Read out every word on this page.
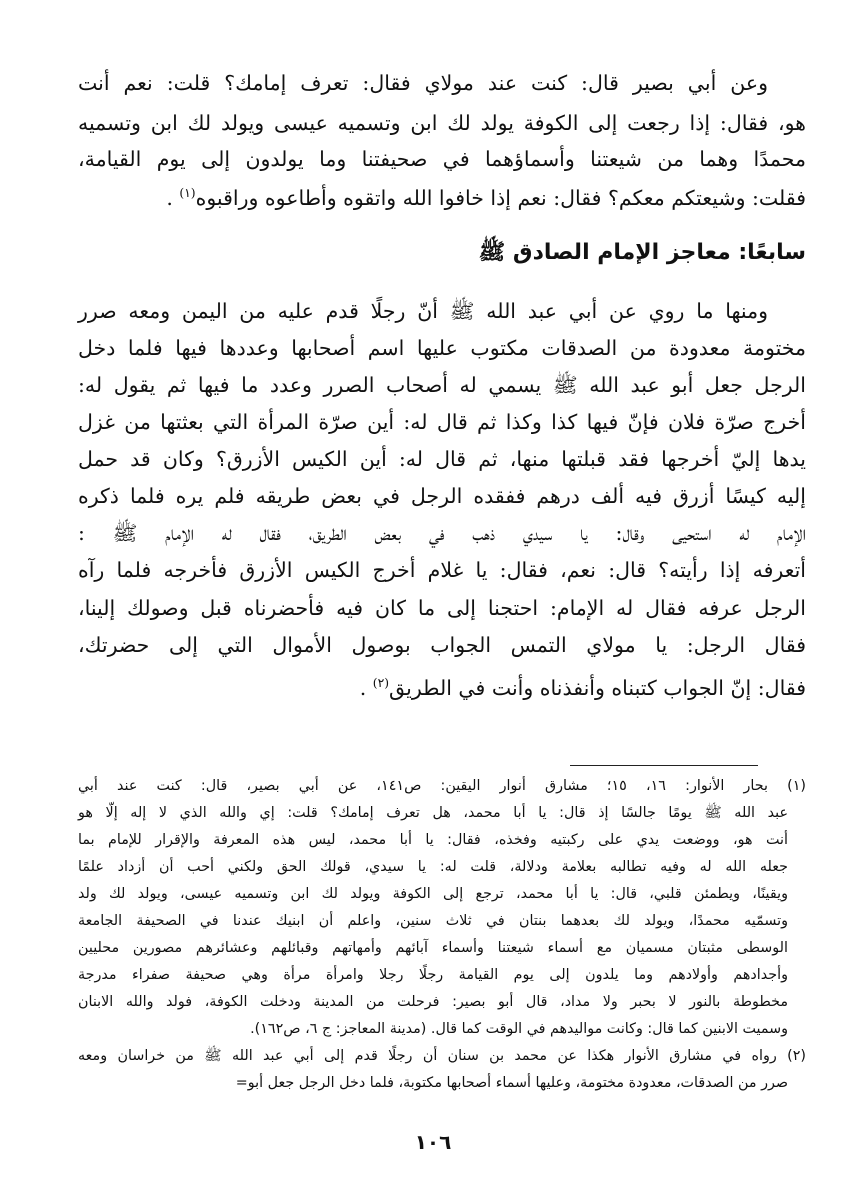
وعن أبي بصير قال: كنت عند مولاي فقال: تعرف إمامك؟ قلت: نعم أنت
هو، فقال: إذا رجعت إلى الكوفة يولد لك ابن وتسميه عيسى ويولد لك ابن وتسميه
محمدًا وهما من شيعتنا وأسماؤهما في صحيفتنا وما يولدون إلى يوم القيامة،
فقلت: وشيعتكم معكم؟ فقال: نعم إذا خافوا الله واتقوه وأطاعوه وراقبوه$^{(١)}$ .
سابعًا: معاجز الإمام الصادق ﷺ
ومنها ما روي عن أبي عبد الله ﷺ أنّ رجلًا قدم عليه من اليمن ومعه صرر
مختومة معدودة من الصدقات مكتوب عليها اسم أصحابها وعددها فيها فلما دخل
الرجل جعل أبو عبد الله ﷺ يسمي له أصحاب الصرر وعدد ما فيها ثم يقول له:
أخرج صرّة فلان فإنّ فيها كذا وكذا ثم قال له: أين صرّة المرأة التي بعثتها من غزل
يدها إليّ أخرجها فقد قبلتها منها، ثم قال له: أين الكيس الأزرق؟ وكان قد حمل
إليه كيسًا أزرق فيه ألف درهم ففقده الرجل في بعض طريقه فلم يره فلما ذكره
الإمام له استحيى وقال: يا سيدي ذهب في بعض الطريق، فقال له الإمام ﷺ :
أتعرفه إذا رأيته؟ قال: نعم، فقال: يا غلام أخرج الكيس الأزرق فأخرجه فلما رآه
الرجل عرفه فقال له الإمام: احتجنا إلى ما كان فيه فأحضرناه قبل وصولك إلينا،
فقال الرجل: يا مولاي التمس الجواب بوصول الأموال التي إلى حضرتك،
فقال: إنّ الجواب كتبناه وأنفذناه وأنت في الطريق$^{(٢)}$ .
(١) بحار الأنوار: ١٦، ١٥؛ مشارق أنوار اليقين: ص١٤١، عن أبي بصير، قال: كنت عند أبي
عبد الله ﷺ يومًا جالسًا إذ قال: يا أبا محمد، هل تعرف إمامك؟ قلت: إي والله الذي لا إله إلّا هو
أنت هو، ووضعت يدي على ركبتيه وفخذه، فقال: يا أبا محمد، ليس هذه المعرفة والإقرار للإمام بما
جعله الله له وفيه تطالبه بعلامة ودلالة، قلت له: يا سيدي، قولك الحق ولكني أحب أن أزداد علمًا
ويقينًا، ويطمئن قلبي، قال: يا أبا محمد، ترجع إلى الكوفة ويولد لك ابن وتسميه عيسى، ويولد لك ولد
وتسمّيه محمدًا، ويولد لك بعدهما بنتان في ثلاث سنين، واعلم أن ابنيك عندنا في الصحيفة الجامعة
الوسطى مثبتان مسميان مع أسماء شيعتنا وأسماء آبائهم وأمهاتهم وقبائلهم وعشائرهم مصورين محليين
وأجدادهم وأولادهم وما يلدون إلى يوم القيامة رجلًا رجلا وامرأة مرأة وهي صحيفة صفراء مدرجة
مخطوطة بالنور لا بحبر ولا مداد، قال أبو بصير: فرحلت من المدينة ودخلت الكوفة، فولد والله الابنان
وسميت الابنين كما قال: وكانت مواليدهم في الوقت كما قال. (مدينة المعاجز: ج ٦، ص١٦٢).
(٢) رواه في مشارق الأنوار هكذا عن محمد بن سنان أن رجلًا قدم إلى أبي عبد الله ﷺ من خراسان ومعه
صرر من الصدقات، معدودة مختومة، وعليها أسماء أصحابها مكتوبة، فلما دخل الرجل جعل أبو=
١٠٦
